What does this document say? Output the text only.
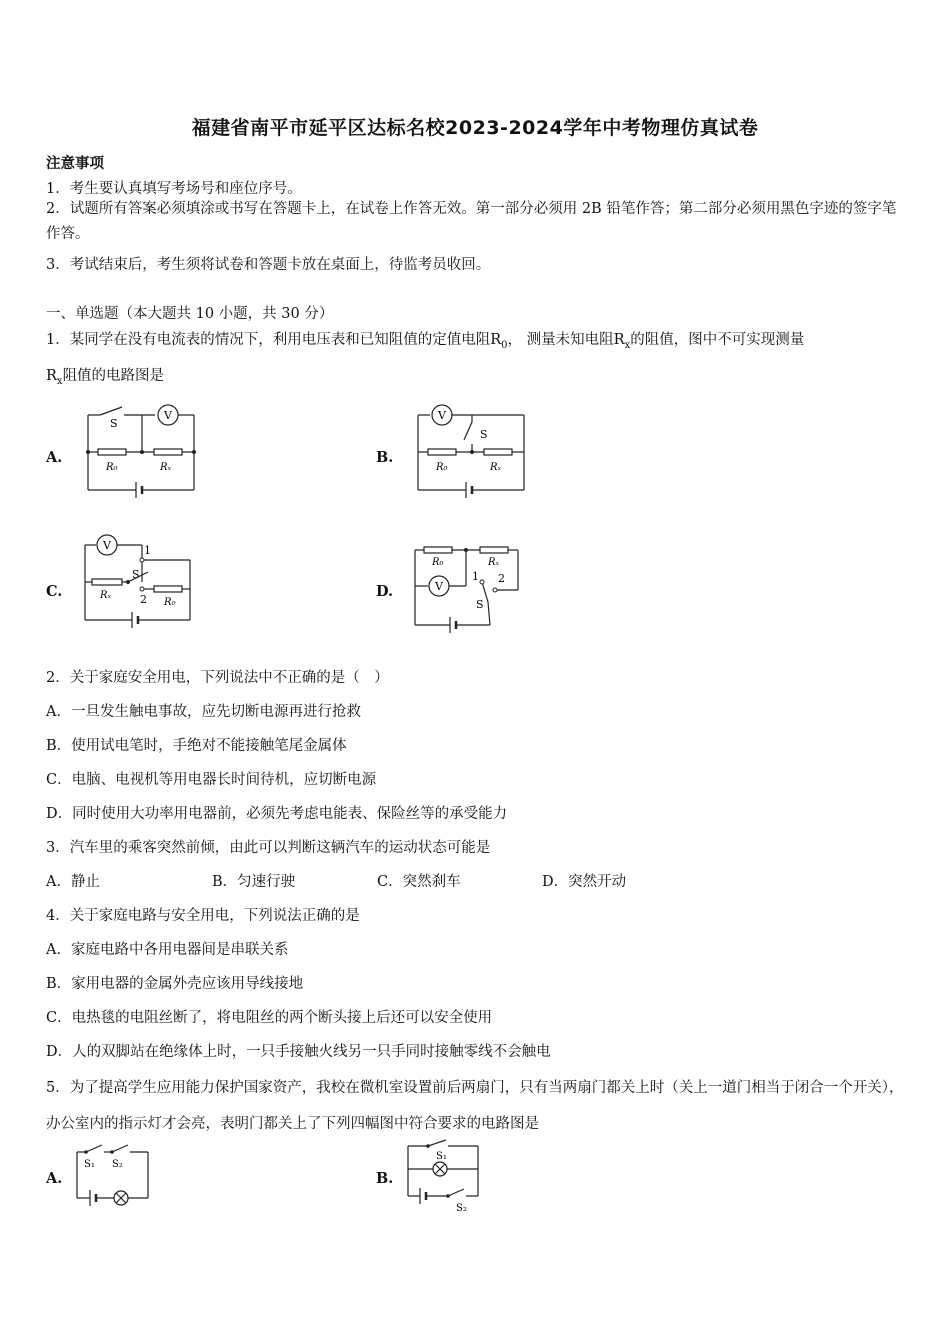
福建省南平市延平区达标名校2023-2024学年中考物理仿真试卷
注意事项
1．考生要认真填写考场号和座位序号。
2．试题所有答案必须填涂或书写在答题卡上，在试卷上作答无效。第一部分必须用 2B 铅笔作答；第二部分必须用黑色字迹的签字笔作答。
3．考试结束后，考生须将试卷和答题卡放在桌面上，待监考员收回。
一、单选题（本大题共 10 小题，共 30 分）
1．某同学在没有电流表的情况下，利用电压表和已知阻值的定值电阻$R_0$， 测量未知电阻$R_x$的阻值，图中不可实现测量
$R_x$阻值的电路图是
A.
S
V
R₀	Rₓ
B.
V
S
R₀	Rₓ
C.
V	1
S
2
Rₓ
R₀
D.	V
1 2
S
R₀	Rₓ
2．关于家庭安全用电，下列说法中不正确的是（　）
A．一旦发生触电事故，应先切断电源再进行抢救
B．使用试电笔时，手绝对不能接触笔尾金属体
C．电脑、电视机等用电器长时间待机，应切断电源
D．同时使用大功率用电器前，必须先考虑电能表、保险丝等的承受能力
3．汽车里的乘客突然前倾，由此可以判断这辆汽车的运动状态可能是
A．静止	B．匀速行驶	C．突然刹车	D．突然开动
4．关于家庭电路与安全用电，下列说法正确的是
A．家庭电路中各用电器间是串联关系
B．家用电器的金属外壳应该用导线接地
C．电热毯的电阻丝断了，将电阻丝的两个断头接上后还可以安全使用
D．人的双脚站在绝缘体上时，一只手接触火线另一只手同时接触零线不会触电
5．为了提高学生应用能力保护国家资产，我校在微机室设置前后两扇门，只有当两扇门都关上时（关上一道门相当于闭合一个开关），办公室内的指示灯才会亮，表明门都关上了下列四幅图中符合要求的电路图是
A.
S₁ S₂
B.
S₁
S₂
